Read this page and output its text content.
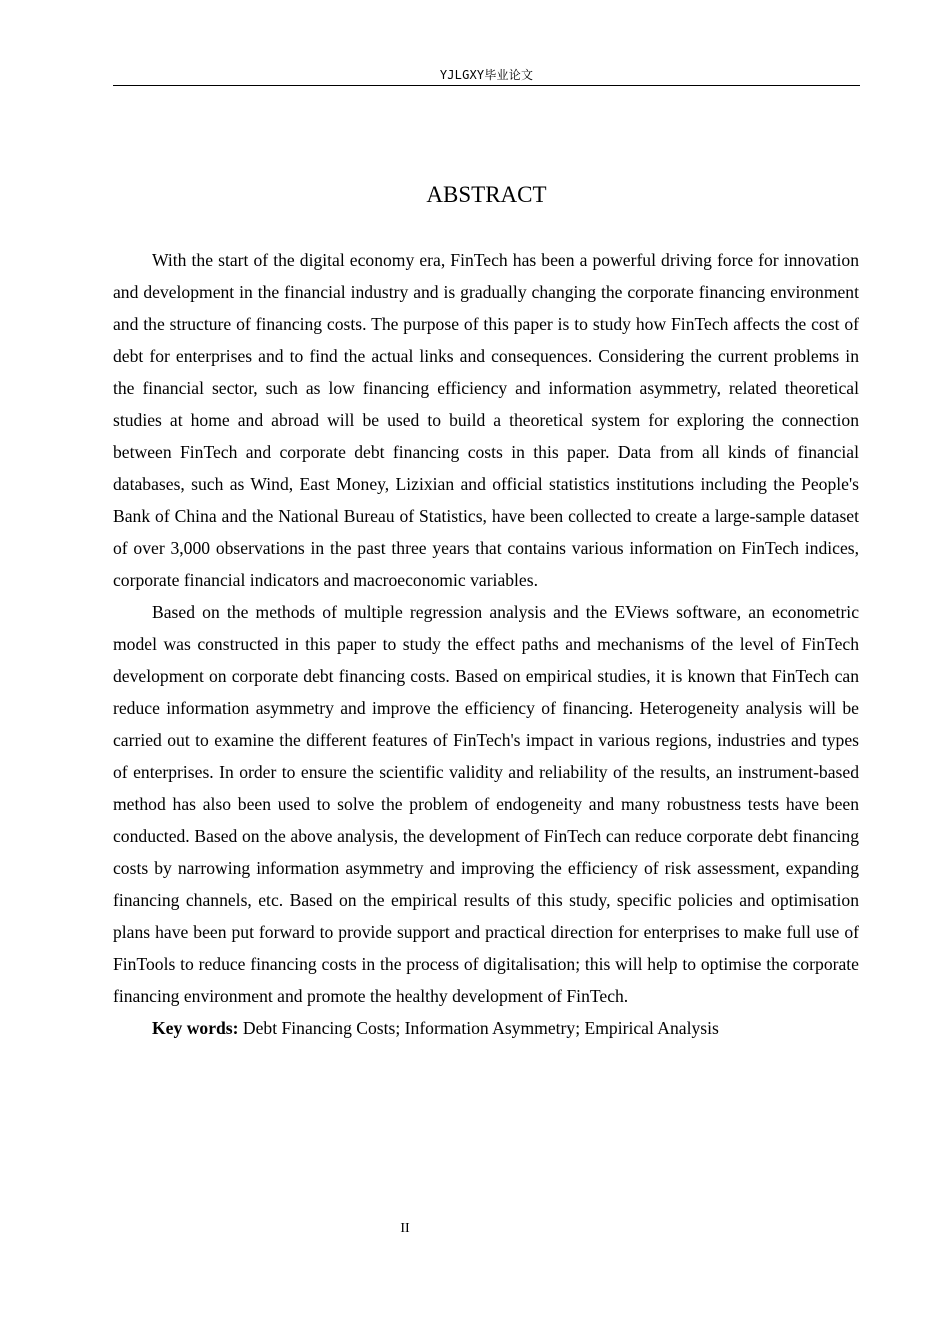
YJLGXY毕业论文
ABSTRACT

With the start of the digital economy era, FinTech has been a powerful driving force for innovation and development in the financial industry and is gradually changing the corporate financing environment and the structure of financing costs. The purpose of this paper is to study how FinTech affects the cost of debt for enterprises and to find the actual links and consequences. Considering the current problems in the financial sector, such as low financing efficiency and information asymmetry, related theoretical studies at home and abroad will be used to build a theoretical system for exploring the connection between FinTech and corporate debt financing costs in this paper. Data from all kinds of financial databases, such as Wind, East Money, Lizixian and official statistics institutions including the People's Bank of China and the National Bureau of Statistics, have been collected to create a large-sample dataset of over 3,000 observations in the past three years that contains various information on FinTech indices, corporate financial indicators and macroeconomic variables.

Based on the methods of multiple regression analysis and the EViews software, an econometric model was constructed in this paper to study the effect paths and mechanisms of the level of FinTech development on corporate debt financing costs. Based on empirical studies, it is known that FinTech can reduce information asymmetry and improve the efficiency of financing. Heterogeneity analysis will be carried out to examine the different features of FinTech's impact in various regions, industries and types of enterprises. In order to ensure the scientific validity and reliability of the results, an instrument-based method has also been used to solve the problem of endogeneity and many robustness tests have been conducted. Based on the above analysis, the development of FinTech can reduce corporate debt financing costs by narrowing information asymmetry and improving the efficiency of risk assessment, expanding financing channels, etc. Based on the empirical results of this study, specific policies and optimisation plans have been put forward to provide support and practical direction for enterprises to make full use of FinTools to reduce financing costs in the process of digitalisation; this will help to optimise the corporate financing environment and promote the healthy development of FinTech.

Key words: Debt Financing Costs; Information Asymmetry; Empirical Analysis

II
